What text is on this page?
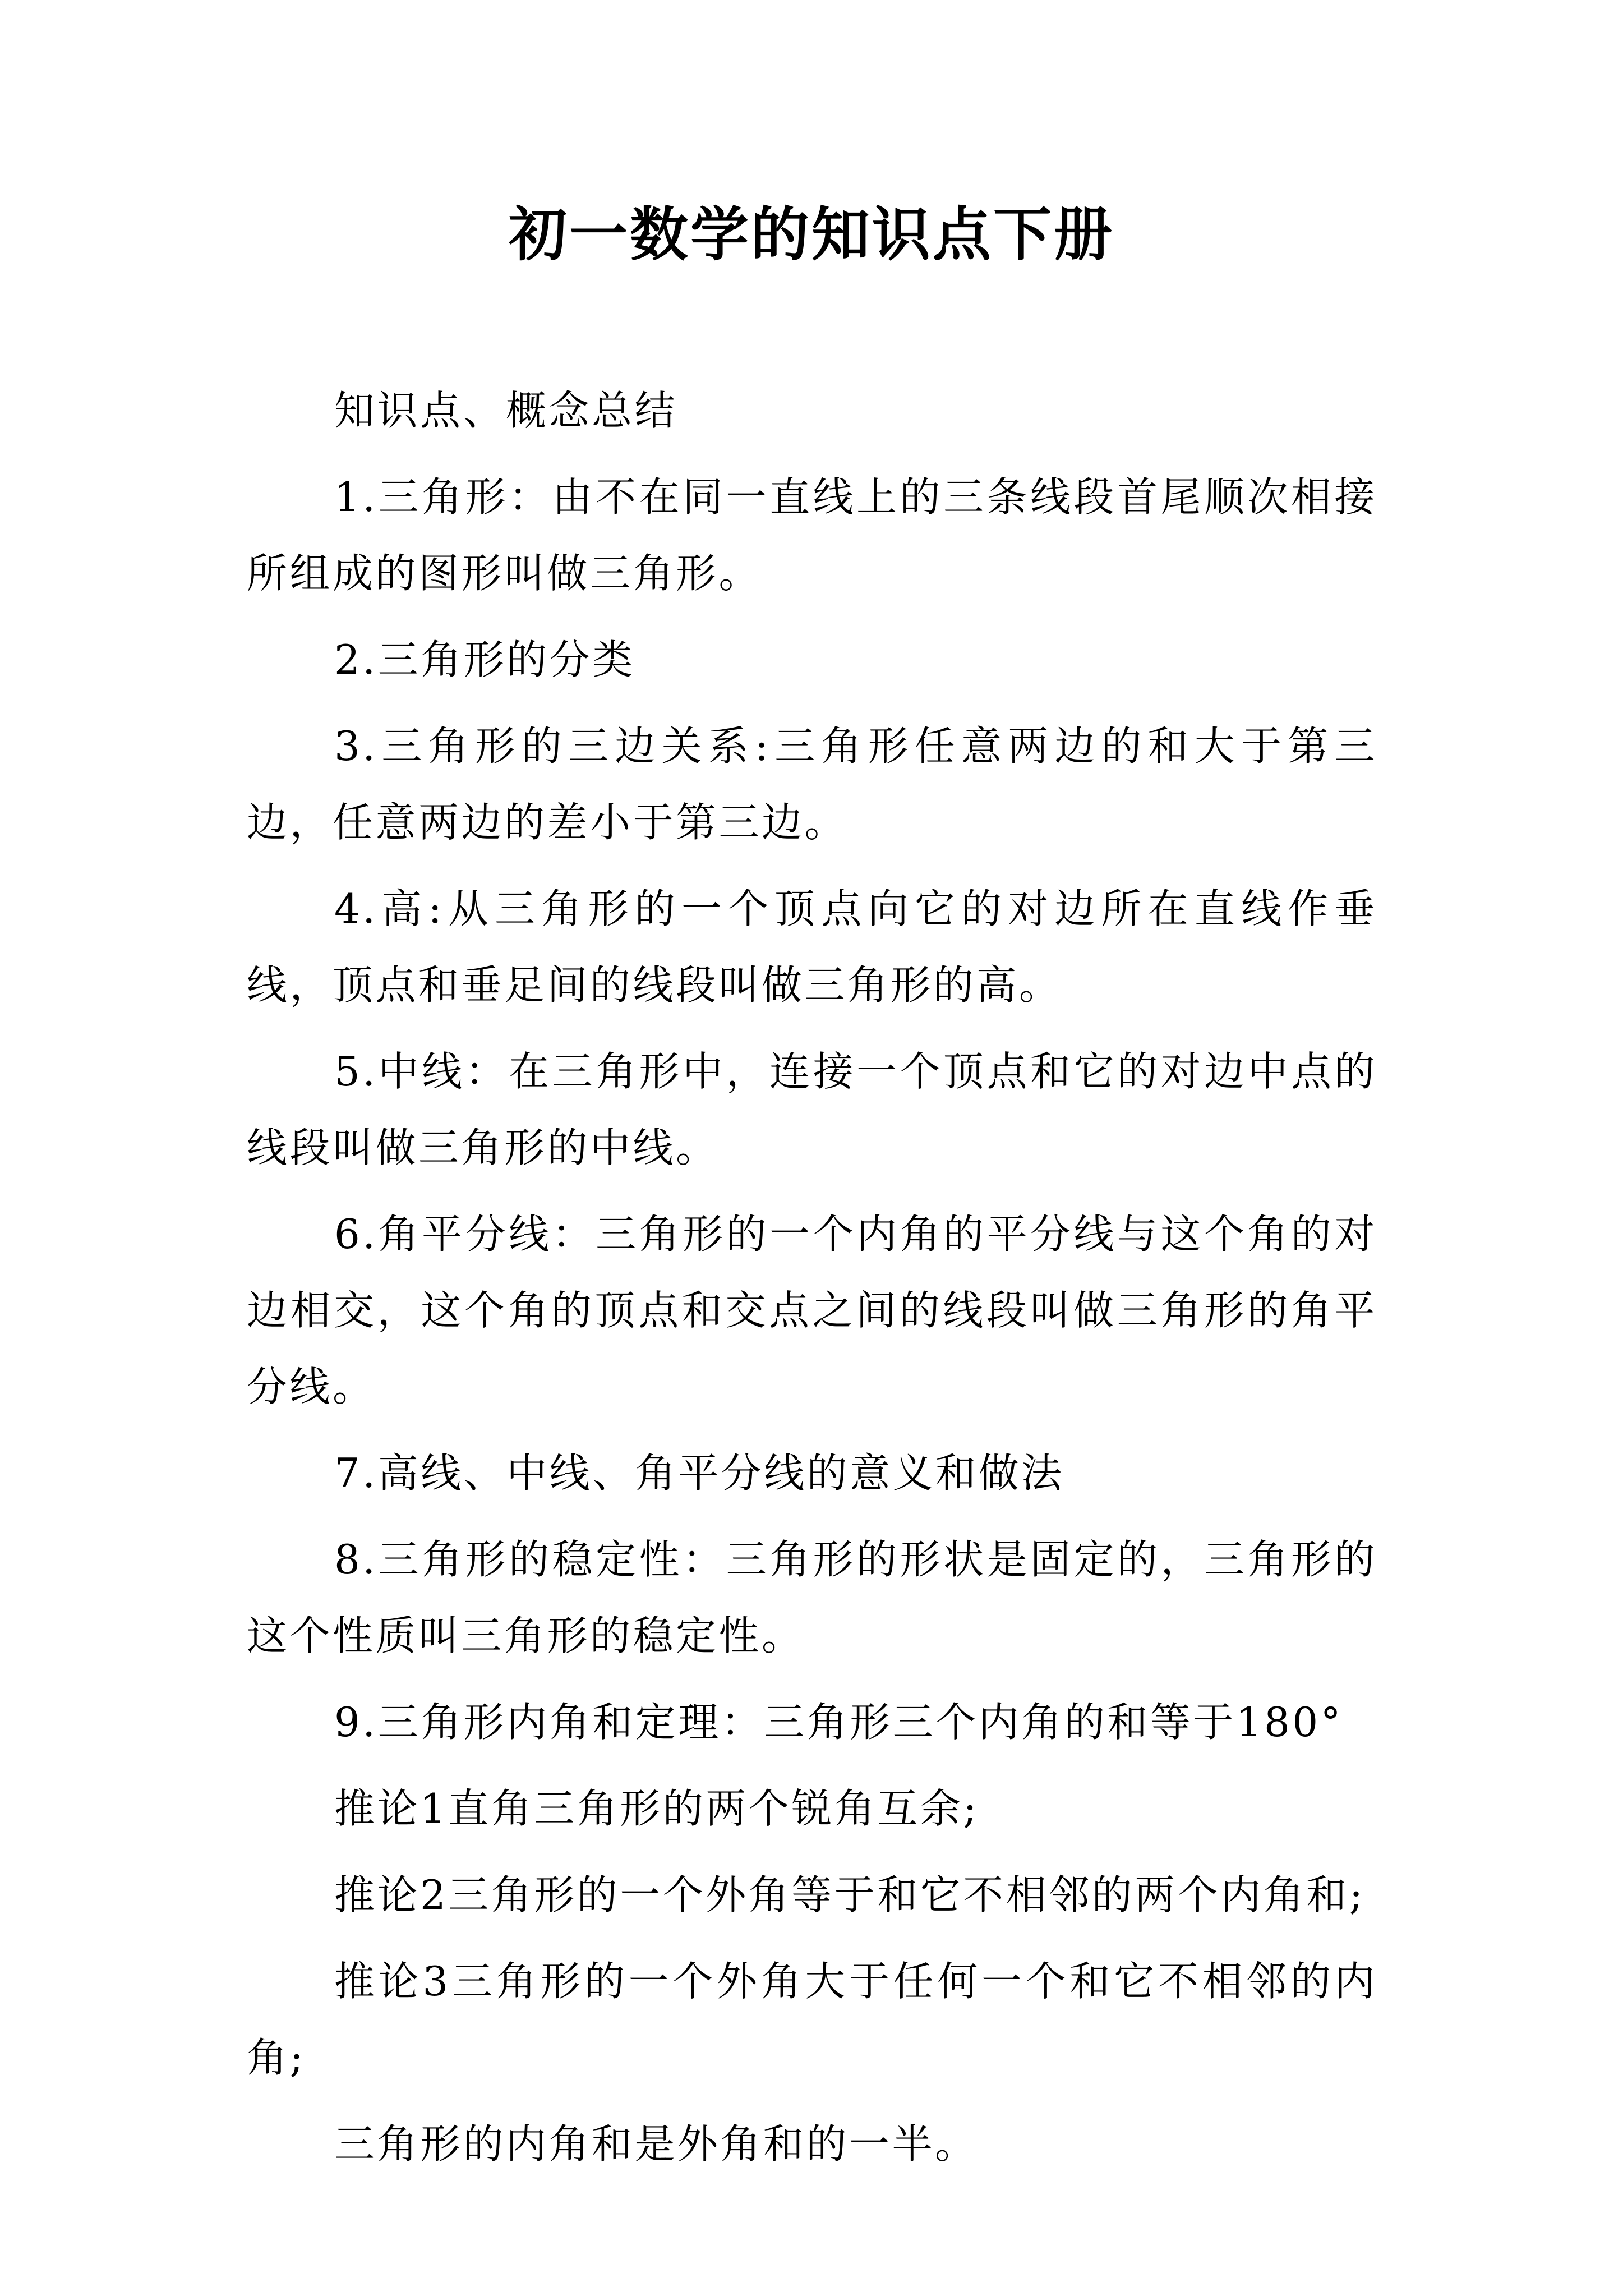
初一数学的知识点下册

知识点、概念总结

1.三角形：由不在同一直线上的三条线段首尾顺次相接所组成的图形叫做三角形。

2.三角形的分类

3.三角形的三边关系:三角形任意两边的和大于第三边，任意两边的差小于第三边。

4.高:从三角形的一个顶点向它的对边所在直线作垂线，顶点和垂足间的线段叫做三角形的高。

5.中线：在三角形中，连接一个顶点和它的对边中点的线段叫做三角形的中线。

6.角平分线：三角形的一个内角的平分线与这个角的对边相交，这个角的顶点和交点之间的线段叫做三角形的角平分线。

7.高线、中线、角平分线的意义和做法

8.三角形的稳定性：三角形的形状是固定的，三角形的这个性质叫三角形的稳定性。

9.三角形内角和定理：三角形三个内角的和等于180°

推论1直角三角形的两个锐角互余;

推论2三角形的一个外角等于和它不相邻的两个内角和;

推论3三角形的一个外角大于任何一个和它不相邻的内角;

三角形的内角和是外角和的一半。
